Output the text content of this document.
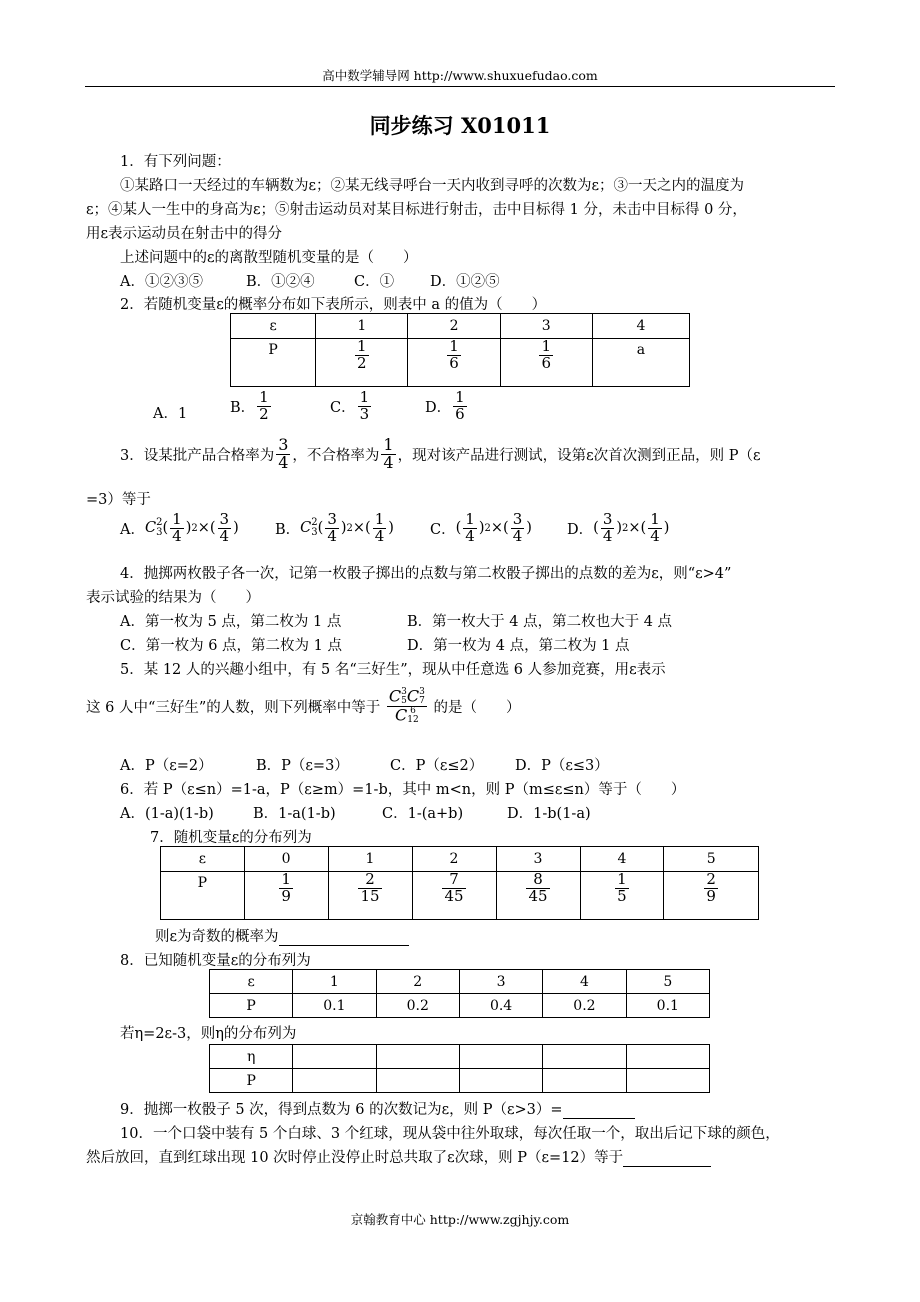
高中数学辅导网 http://www.shuxuefudao.com
同步练习 X01011
1．有下列问题：
①某路口一天经过的车辆数为ε；②某无线寻呼台一天内收到寻呼的次数为ε；③一天之内的温度为
ε；④某人一生中的身高为ε；⑤射击运动员对某目标进行射击，击中目标得 1 分，未击中目标得 0 分，
用ε表示运动员在射击中的得分
上述问题中的ε的离散型随机变量的是（　　）
A．①②③⑤	B．①②④	C．① D．①②⑤
2．若随机变量ε的概率分布如下表所示，则表中 a 的值为（　　）
ε	1	2	3	4
P	$\frac{1}{2}$	$\frac{1}{6}$	$\frac{1}{6}$	a
A．1	B． $\frac{1}{2}$	C． $\frac{1}{3}$	D． $\frac{1}{6}$
3．设某批产品合格率为 $\frac{3}{4}$ ，不合格率为 $\frac{1}{4}$ ，现对该产品进行测试，设第ε次首次测到正品，则 P（ε
=3）等于
A． C 2
3 ( $\frac{1}{4}$ ) 2 ×( $\frac{3}{4}$ ) B． C 2
3 ( $\frac{3}{4}$ ) 2 ×( $\frac{1}{4}$ ) C． ( $\frac{1}{4}$ ) 2 ×( $\frac{3}{4}$ ) D． ( $\frac{3}{4}$ ) 2 ×( $\frac{1}{4}$ )
4．抛掷两枚骰子各一次，记第一枚骰子掷出的点数与第二枚骰子掷出的点数的差为ε，则“ε>4”
表示试验的结果为（　　）
A．第一枚为 5 点，第二枚为 1 点	B．第一枚大于 4 点，第二枚也大于 4 点
C．第一枚为 6 点，第二枚为 1 点	D．第一枚为 4 点，第二枚为 1 点
5．某 12 人的兴趣小组中，有 5 名“三好生”，现从中任意选 6 人参加竞赛，用ε表示
这 6 人中“三好生”的人数，则下列概率中等于 C 3
5 C 3
7
C 6
12 的是（　　）
A．P（ε=2）	B．P（ε=3）	C．P（ε≤2） D．P（ε≤3）
6．若 P（ε≤n）=1-a，P（ε≥m）=1-b，其中 m<n，则 P（m≤ε≤n）等于（　　）
A．(1-a)(1-b)	B．1-a(1-b)	C．1-(a+b)	D．1-b(1-a)
7．随机变量ε的分布列为
ε	0	1	2	3	4	5
P	$\frac{1}{9}$	$\frac{2}{15}$	$\frac{7}{45}$	$\frac{8}{45}$	$\frac{1}{5}$	$\frac{2}{9}$
则ε为奇数的概率为
8．已知随机变量ε的分布列为
ε	1	2	3	4	5
P	0.1	0.2	0.4	0.2	0.1
若η=2ε-3，则η的分布列为
η					
P					
9．抛掷一枚骰子 5 次，得到点数为 6 的次数记为ε，则 P（ε>3）=
10．一个口袋中装有 5 个白球、3 个红球，现从袋中往外取球，每次任取一个，取出后记下球的颜色，
然后放回，直到红球出现 10 次时停止没停止时总共取了ε次球，则 P（ε=12）等于
京翰教育中心 http://www.zgjhjy.com
